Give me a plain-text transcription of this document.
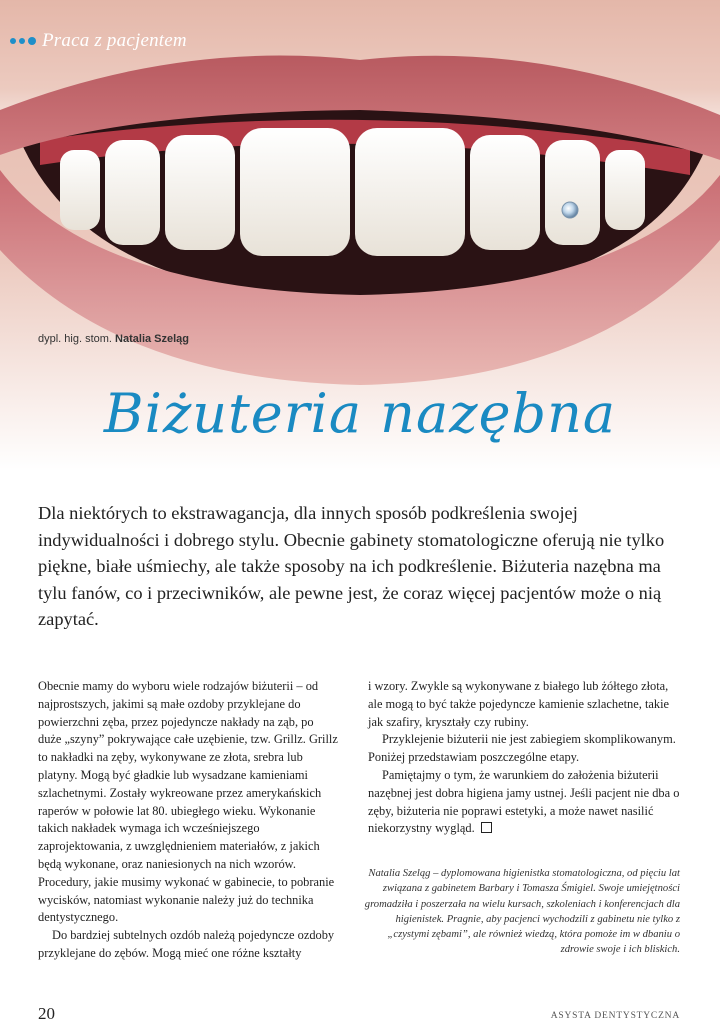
Praca z pacjentem
dypl. hig. stom. Natalia Szeląg
Biżuteria nazębna
Dla niektórych to ekstrawagancja, dla innych sposób podkreślenia swojej indywidualności i dobrego stylu. Obecnie gabinety stomatologiczne oferują nie tylko piękne, białe uśmiechy, ale także sposoby na ich podkreślenie. Biżuteria nazębna ma tylu fanów, co i przeciwników, ale pewne jest, że coraz więcej pacjentów może o nią zapytać.

Obecnie mamy do wyboru wiele rodzajów biżuterii – od najprostszych, jakimi są małe ozdoby przyklejane do powierzchni zęba, przez pojedyncze nakłady na ząb, po duże „szyny” pokrywające całe uzębienie, tzw. Grillz. Grillz to nakładki na zęby, wykonywane ze złota, srebra lub platyny. Mogą być gładkie lub wysadzane kamieniami szlachetnymi. Zostały wykreowane przez amerykańskich raperów w połowie lat 80. ubiegłego wieku. Wykonanie takich nakładek wymaga ich wcześniejszego zaprojektowania, z uwzględnieniem materiałów, z jakich będą wykonane, oraz naniesionych na nich wzorów. Procedury, jakie musimy wykonać w gabinecie, to pobranie wycisków, natomiast wykonanie należy już do technika dentystycznego.

Do bardziej subtelnych ozdób należą pojedyncze ozdoby przyklejane do zębów. Mogą mieć one różne kształty

i wzory. Zwykle są wykonywane z białego lub żółtego złota, ale mogą to być także pojedyncze kamienie szlachetne, takie jak szafiry, kryształy czy rubiny.

Przyklejenie biżuterii nie jest zabiegiem skomplikowanym. Poniżej przedstawiam poszczególne etapy.

Pamiętajmy o tym, że warunkiem do założenia biżuterii nazębnej jest dobra higiena jamy ustnej. Jeśli pacjent nie dba o zęby, biżuteria nie poprawi estetyki, a może nawet nasilić niekorzystny wygląd.

Natalia Szeląg – dyplomowana higienistka stomatologiczna, od pięciu lat związana z gabinetem Barbary i Tomasza Śmigiel. Swoje umiejętności gromadziła i poszerzała na wielu kursach, szkoleniach i konferencjach dla higienistek. Pragnie, aby pacjenci wychodzili z gabinetu nie tylko z „czystymi zębami”, ale również wiedzą, która pomoże im w dbaniu o zdrowie swoje i ich bliskich.
20	ASYSTA DENTYSTYCZNA
